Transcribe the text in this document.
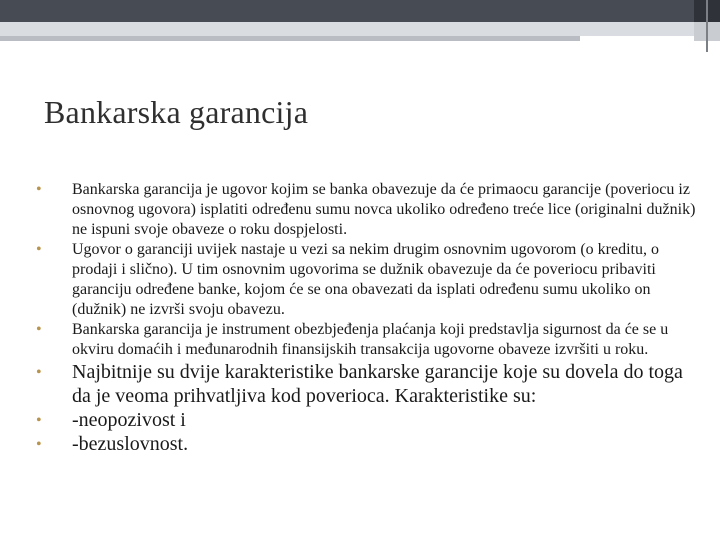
Bankarska garancija
• Bankarska garancija je ugovor kojim se banka obavezuje da će primaocu garancije (poveriocu iz osnovnog ugovora) isplatiti određenu sumu novca ukoliko određeno treće lice (originalni dužnik) ne ispuni svoje obaveze o roku dospjelosti.
• Ugovor o garanciji uvijek nastaje u vezi sa nekim drugim osnovnim ugovorom (o kreditu, o prodaji i slično). U tim osnovnim ugovorima se dužnik obavezuje da će poveriocu pribaviti garanciju određene banke, kojom će se ona obavezati da isplati određenu sumu ukoliko on (dužnik) ne izvrši svoju obavezu.
• Bankarska garancija je instrument obezbjeđenja plaćanja koji predstavlja sigurnost da će se u okviru domaćih i međunarodnih finansijskih transakcija ugovorne obaveze izvršiti u roku.
• Najbitnije su dvije karakteristike bankarske garancije koje su dovela do toga da je veoma prihvatljiva kod poverioca. Karakteristike su:
• -neopozivost i
• -bezuslovnost.
